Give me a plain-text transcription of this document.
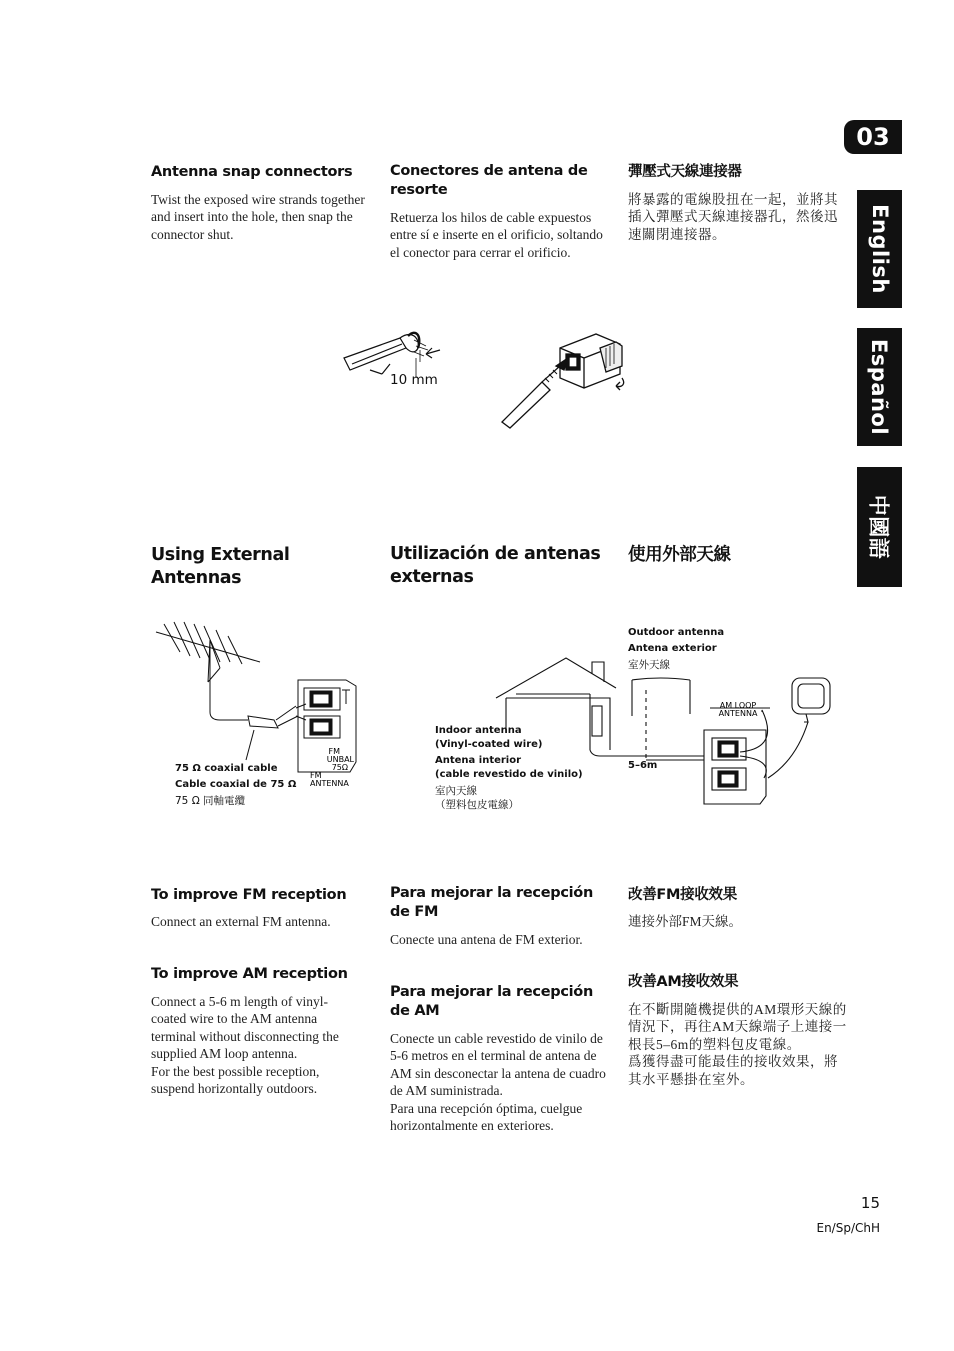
03
English
Español
中國語
Antenna snap connectors

Twist the exposed wire strands together and insert into the hole, then snap the connector shut.

Conectores de antena de resorte

Retuerza los hilos de cable expuestos entre sí e inserte en el orificio, soltando el conector para cerrar el orificio.

彈壓式天線連接器

將暴露的電線股扭在一起，並將其插入彈壓式天線連接器孔，然後迅速關閉連接器。

10 mm
Using External Antennas
Utilización de antenas externas
使用外部天線
FM
UNBAL
75Ω
FM
ANTENNA

75 Ω coaxial cable

Cable coaxial de 75 Ω

75 Ω 同軸電纜

AM LOOP
ANTENNA

Outdoor antenna

Antena exterior

室外天線

Indoor antenna

(Vinyl-coated wire)

Antena interior

(cable revestido de vinilo)

室內天線

（塑料包皮電線）

5–6m
To improve FM reception

Connect an external FM antenna.

Para mejorar la recepción de FM

Conecte una antena de FM exterior.

改善FM接收效果

連接外部FM天線。

To improve AM reception

Connect a 5-6 m length of vinyl-coated wire to the AM antenna terminal without disconnecting the supplied AM loop antenna.

For the best possible reception, suspend horizontally outdoors.

Para mejorar la recepción de AM

Conecte un cable revestido de vinilo de 5-6 metros en el terminal de antena de AM sin desconectar la antena de cuadro de AM suministrada.

Para una recepción óptima, cuelgue horizontalmente en exteriores.

改善AM接收效果

在不斷開隨機提供的AM環形天線的情況下，再往AM天線端子上連接一根長5–6m的塑料包皮電線。

爲獲得盡可能最佳的接收效果，將其水平懸掛在室外。

15
En/Sp/ChH
